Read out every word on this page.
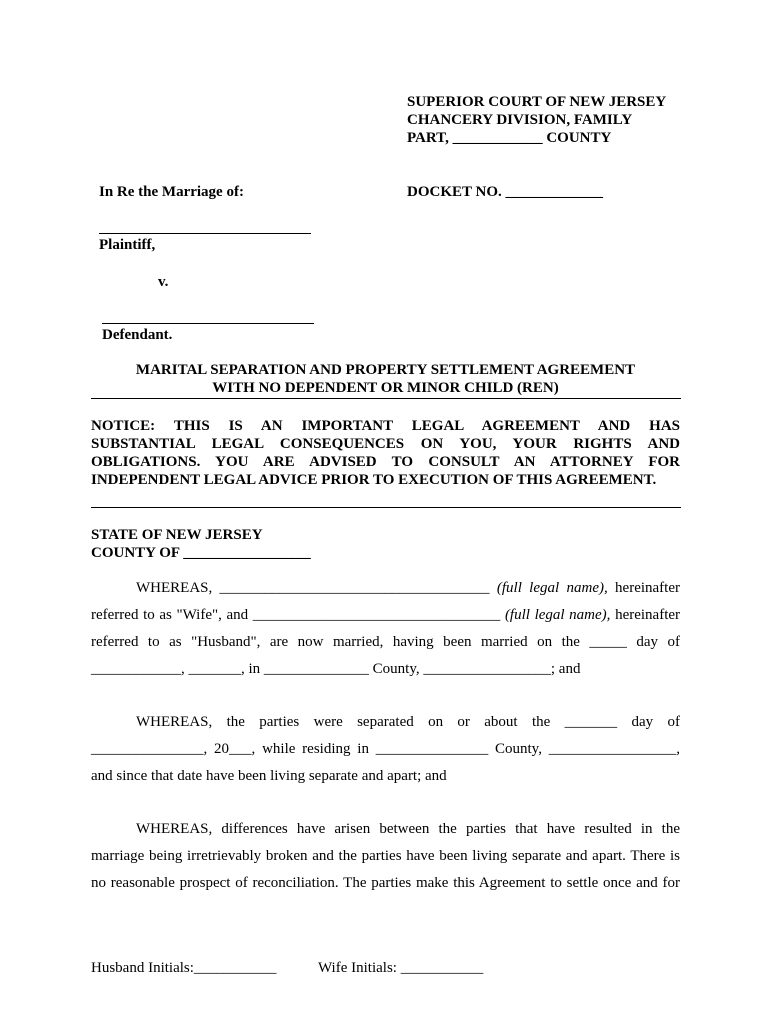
SUPERIOR COURT OF NEW JERSEY
CHANCERY DIVISION, FAMILY
PART, ____________ COUNTY
In Re the Marriage of:	DOCKET NO. _____________
Plaintiff,
v.
Defendant.
MARITAL SEPARATION AND PROPERTY SETTLEMENT AGREEMENT
WITH NO DEPENDENT OR MINOR CHILD (REN)
NOTICE: THIS IS AN IMPORTANT LEGAL AGREEMENT AND HAS
SUBSTANTIAL LEGAL CONSEQUENCES ON YOU, YOUR RIGHTS AND
OBLIGATIONS. YOU ARE ADVISED TO CONSULT AN ATTORNEY FOR
INDEPENDENT LEGAL ADVICE PRIOR TO EXECUTION OF THIS AGREEMENT.
STATE OF NEW JERSEY
COUNTY OF _________________
WHEREAS, ____________________________________ (full legal name), hereinafter
referred to as "Wife", and _________________________________ (full legal name), hereinafter
referred to as "Husband", are now married, having been married on the _____ day of
____________, _______, in ______________ County, _________________; and
WHEREAS, the parties were separated on or about the _______ day of
_______________, 20___, while residing in _______________ County, _________________,
and since that date have been living separate and apart; and
WHEREAS, differences have arisen between the parties that have resulted in the
marriage being irretrievably broken and the parties have been living separate and apart. There is
no reasonable prospect of reconciliation. The parties make this Agreement to settle once and for
Husband Initials:___________	Wife Initials: ___________
